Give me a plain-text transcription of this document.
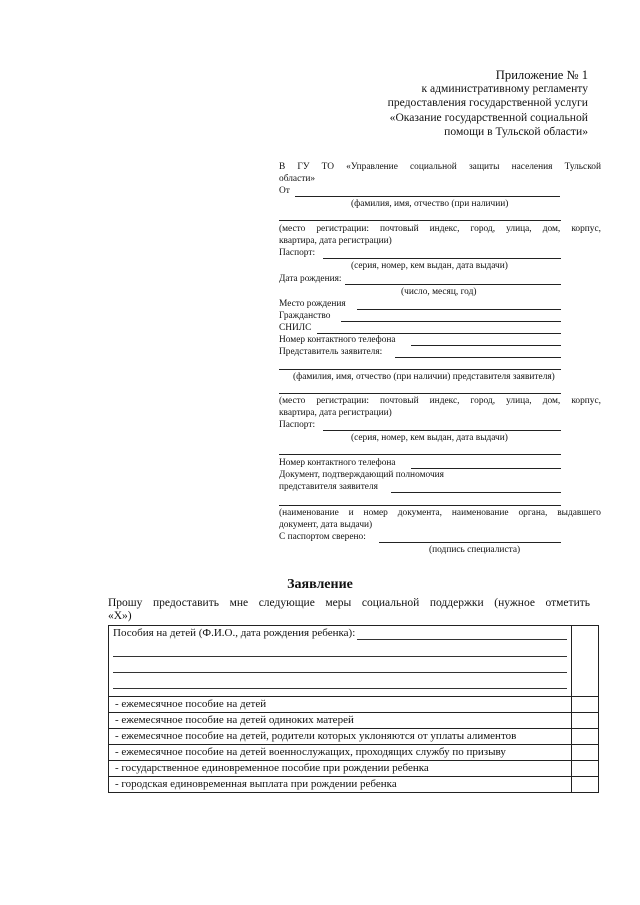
Приложение № 1
к административному регламенту
предоставления государственной услуги
«Оказание государственной социальной
помощи в Тульской области»
В ГУ ТО «Управление социальной защиты населения Тульской
области»
От
(фамилия, имя, отчество (при наличии)
(место регистрации: почтовый индекс, город, улица, дом, корпус,
квартира, дата регистрации)
Паспорт:
(серия, номер, кем выдан, дата выдачи)
Дата рождения:
(число, месяц, год)
Место рождения
Гражданство
СНИЛС
Номер контактного телефона
Представитель заявителя:
(фамилия, имя, отчество (при наличии) представителя заявителя)
(место регистрации: почтовый индекс, город, улица, дом, корпус,
квартира, дата регистрации)
Паспорт:
(серия, номер, кем выдан, дата выдачи)
Номер контактного телефона
Документ, подтверждающий полномочия
представителя заявителя
(наименование и номер документа, наименование органа, выдавшего
документ, дата выдачи)
С паспортом сверено:
(подпись специалиста)
Заявление
Прошу предоставить мне следующие меры социальной поддержки (нужное отметить
«Х»)
Пособия на детей (Ф.И.О., дата рождения ребенка):	

- ежемесячное пособие на детей	
- ежемесячное пособие на детей одиноких матерей	
- ежемесячное пособие на детей, родители которых уклоняются от уплаты алиментов	
- ежемесячное пособие на детей военнослужащих, проходящих службу по призыву	
- государственное единовременное пособие при рождении ребенка	
- городская единовременная выплата при рождении ребенка	
